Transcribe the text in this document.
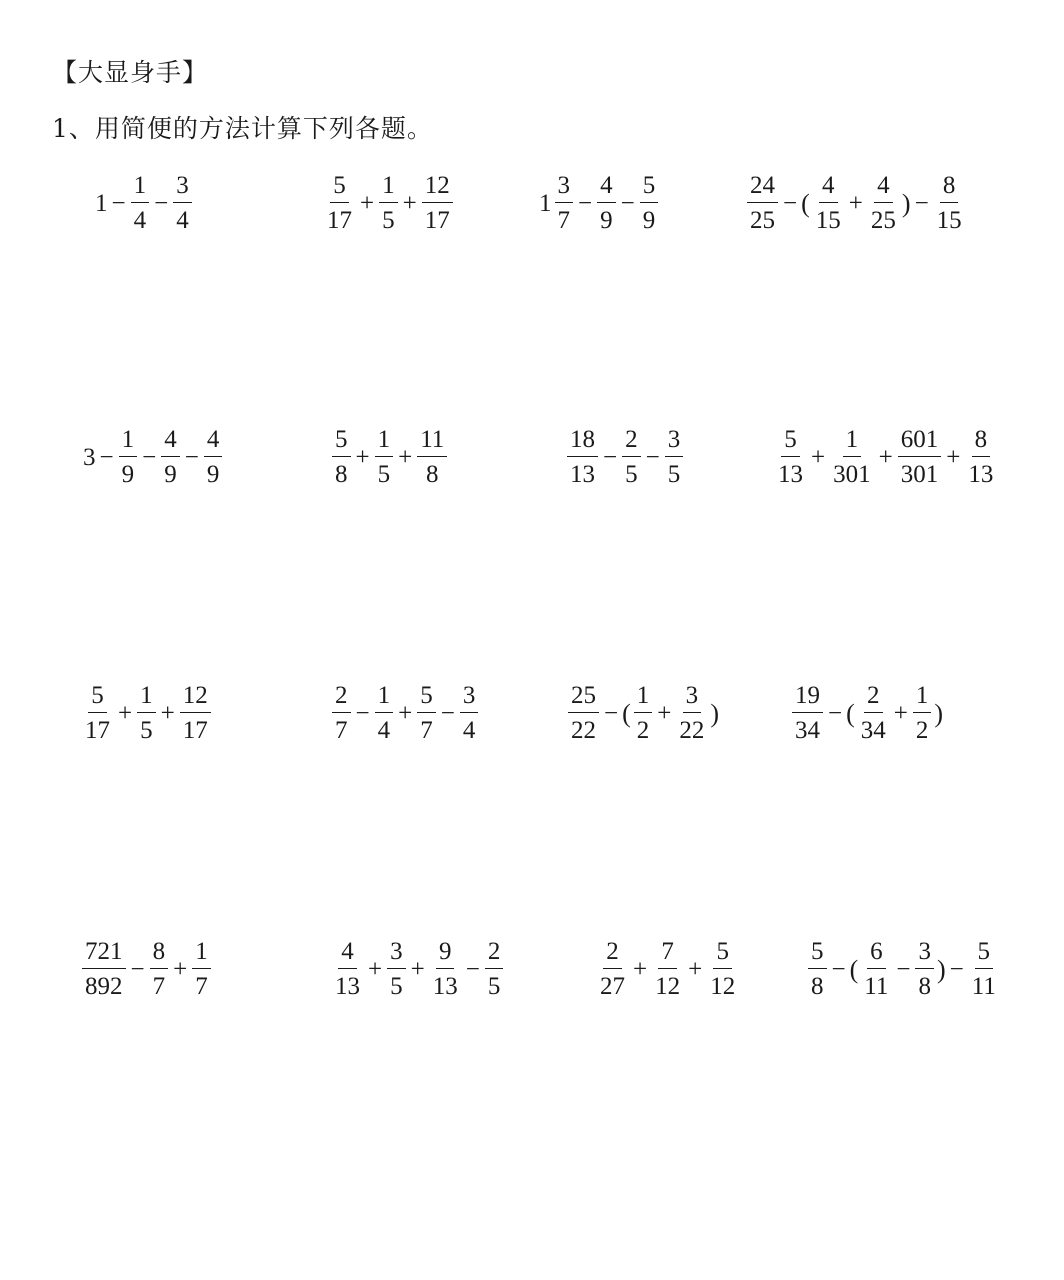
【大显身手】
1、用简便的方法计算下列各题。
$1 - \frac{1}{4} - \frac{3}{4}$	$\frac{5}{17} + \frac{1}{5} + \frac{12}{17}$	$1 \frac{3}{7} - \frac{4}{9} - \frac{5}{9}$	$\frac{24}{25}$ − ( $\frac{4}{15} + \frac{4}{25}$ ) − $\frac{8}{15}$
$3 - \frac{1}{9} - \frac{4}{9} - \frac{4}{9}$	$\frac{5}{8} + \frac{1}{5} + \frac{11}{8}$	$\frac{18}{13} - \frac{2}{5} - \frac{3}{5}$	$\frac{5}{13} + \frac{1}{301} + \frac{601}{301} + \frac{8}{13}$
$\frac{5}{17} + \frac{1}{5} + \frac{12}{17}$	$\frac{2}{7} - \frac{1}{4} + \frac{5}{7} - \frac{3}{4}$	$\frac{25}{22}$ − ( $\frac{1}{2} + \frac{3}{22}$ )	$\frac{19}{34}$ − ( $\frac{2}{34} + \frac{1}{2}$ )
$\frac{721}{892} - \frac{8}{7} + \frac{1}{7}$	$\frac{4}{13} + \frac{3}{5} + \frac{9}{13} - \frac{2}{5}$	$\frac{2}{27} + \frac{7}{12} + \frac{5}{12}$	$\frac{5}{8}$ − ( $\frac{6}{11} - \frac{3}{8}$ ) − $\frac{5}{11}$
